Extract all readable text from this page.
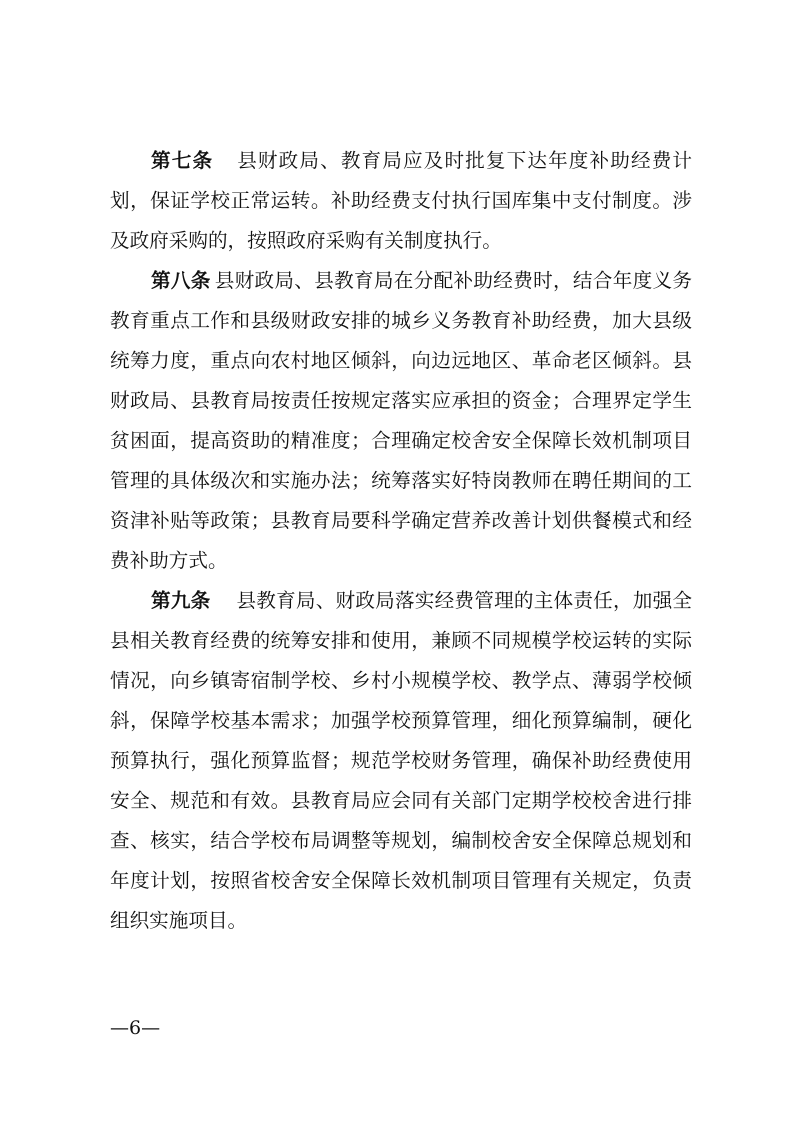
第七条 县财政局、教育局应及时批复下达年度补助经费计划，保证学校正常运转。补助经费支付执行国库集中支付制度。涉及政府采购的，按照政府采购有关制度执行。

第八条 县财政局、县教育局在分配补助经费时，结合年度义务教育重点工作和县级财政安排的城乡义务教育补助经费，加大县级统筹力度，重点向农村地区倾斜，向边远地区、革命老区倾斜。县财政局、县教育局按责任按规定落实应承担的资金；合理界定学生贫困面，提高资助的精准度；合理确定校舍安全保障长效机制项目管理的具体级次和实施办法；统筹落实好特岗教师在聘任期间的工资津补贴等政策；县教育局要科学确定营养改善计划供餐模式和经费补助方式。

第九条 县教育局、财政局落实经费管理的主体责任，加强全县相关教育经费的统筹安排和使用，兼顾不同规模学校运转的实际情况，向乡镇寄宿制学校、乡村小规模学校、教学点、薄弱学校倾斜，保障学校基本需求；加强学校预算管理，细化预算编制，硬化预算执行，强化预算监督；规范学校财务管理，确保补助经费使用安全、规范和有效。县教育局应会同有关部门定期学校校舍进行排查、核实，结合学校布局调整等规划，编制校舍安全保障总规划和年度计划，按照省校舍安全保障长效机制项目管理有关规定，负责组织实施项目。

—6—
